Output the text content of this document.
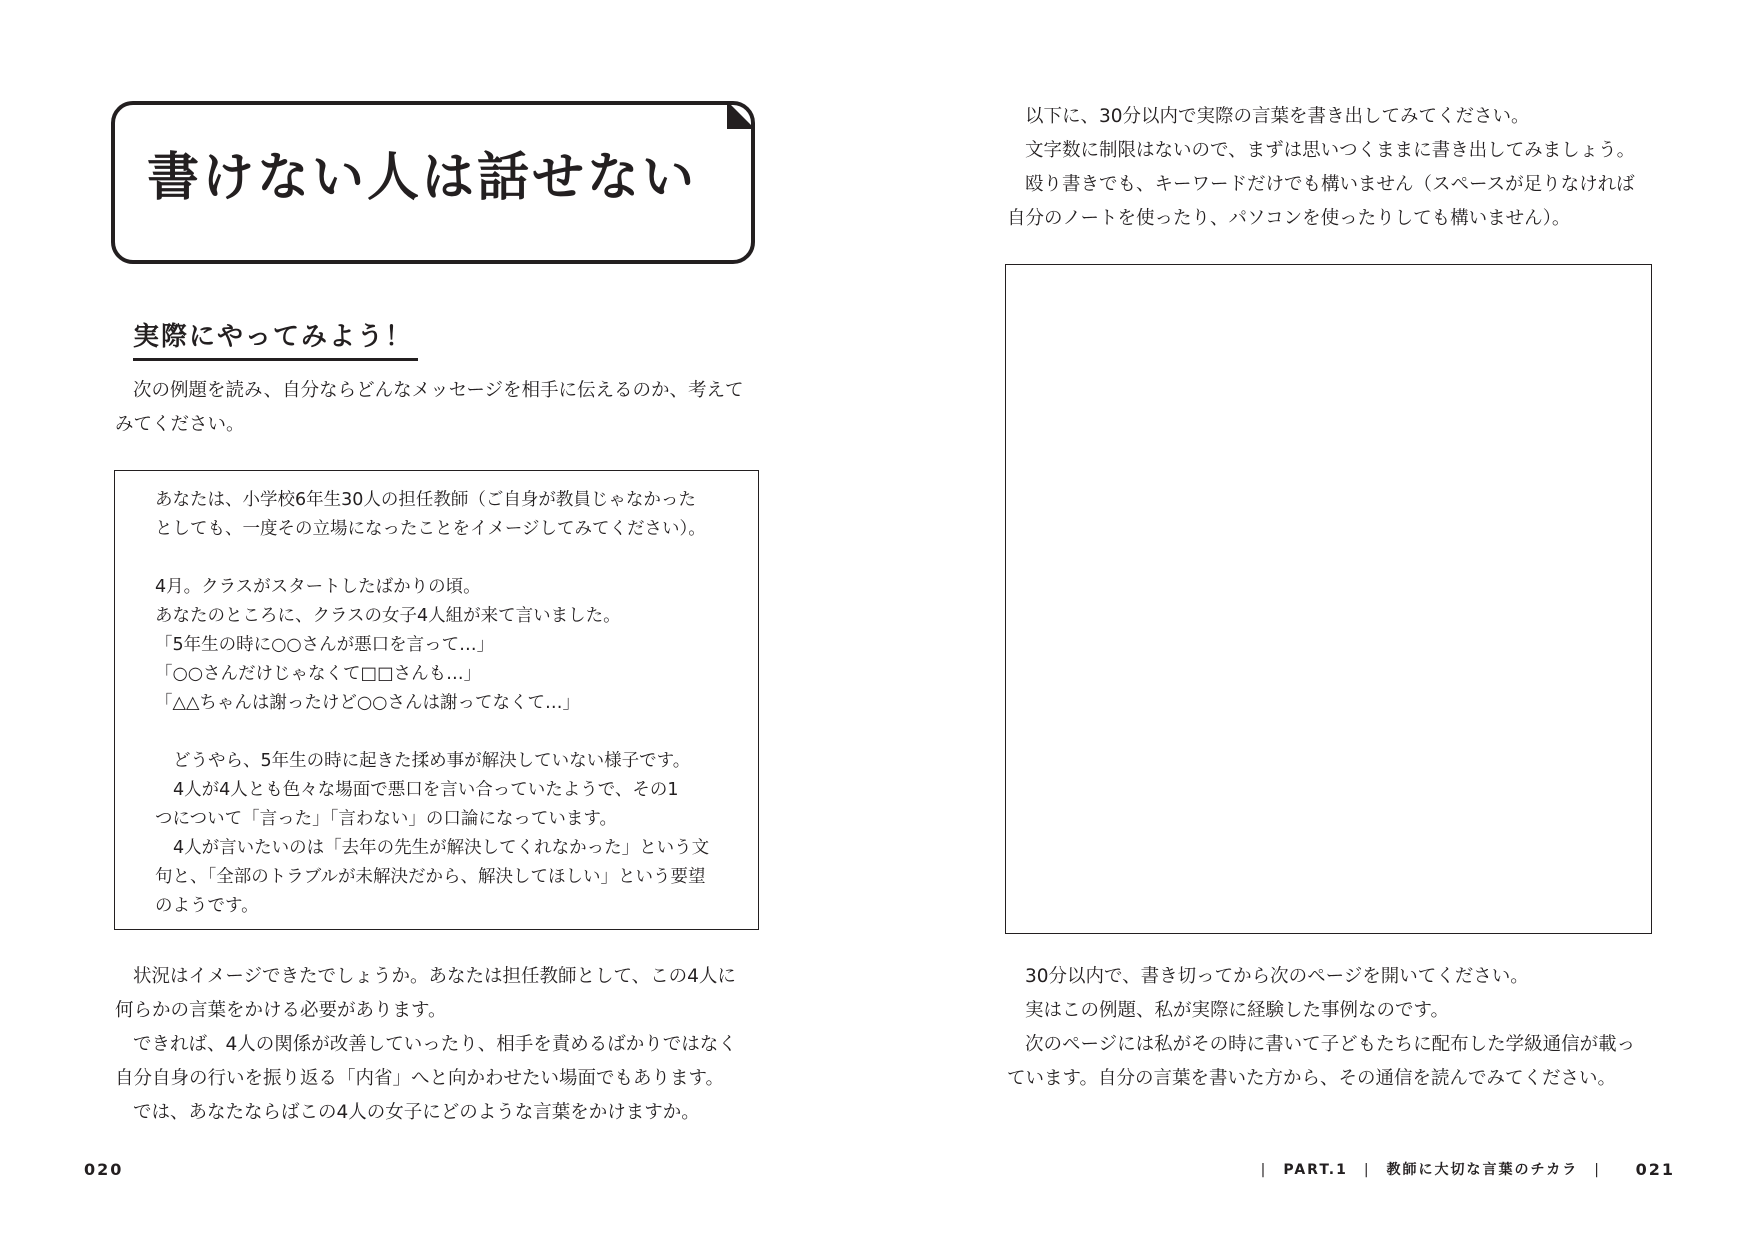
書けない人は話せない
実際にやってみよう！

次の例題を読み、自分ならどんなメッセージを相手に伝えるのか、考えて

みてください。

あなたは、小学校6年生30人の担任教師（ご自身が教員じゃなかった

としても、一度その立場になったことをイメージしてみてください）。

4月。クラスがスタートしたばかりの頃。

あなたのところに、クラスの女子4人組が来て言いました。

「5年生の時に○○さんが悪口を言って…」

「○○さんだけじゃなくて□□さんも…」

「△△ちゃんは謝ったけど○○さんは謝ってなくて…」

どうやら、5年生の時に起きた揉め事が解決していない様子です。

4人が4人とも色々な場面で悪口を言い合っていたようで、その1

つについて「言った」「言わない」の口論になっています。

4人が言いたいのは「去年の先生が解決してくれなかった」という文

句と、「全部のトラブルが未解決だから、解決してほしい」という要望

のようです。

状況はイメージできたでしょうか。あなたは担任教師として、この4人に

何らかの言葉をかける必要があります。

できれば、4人の関係が改善していったり、相手を責めるばかりではなく

自分自身の行いを振り返る「内省」へと向かわせたい場面でもあります。

では、あなたならばこの4人の女子にどのような言葉をかけますか。

020

以下に、30分以内で実際の言葉を書き出してみてください。

文字数に制限はないので、まずは思いつくままに書き出してみましょう。

殴り書きでも、キーワードだけでも構いません（スペースが足りなければ

自分のノートを使ったり、パソコンを使ったりしても構いません）。

30分以内で、書き切ってから次のページを開いてください。

実はこの例題、私が実際に経験した事例なのです。

次のページには私がその時に書いて子どもたちに配布した学級通信が載っ

ています。自分の言葉を書いた方から、その通信を読んでみてください。

| PART.1 | 教師に大切な言葉のチカラ |	021
